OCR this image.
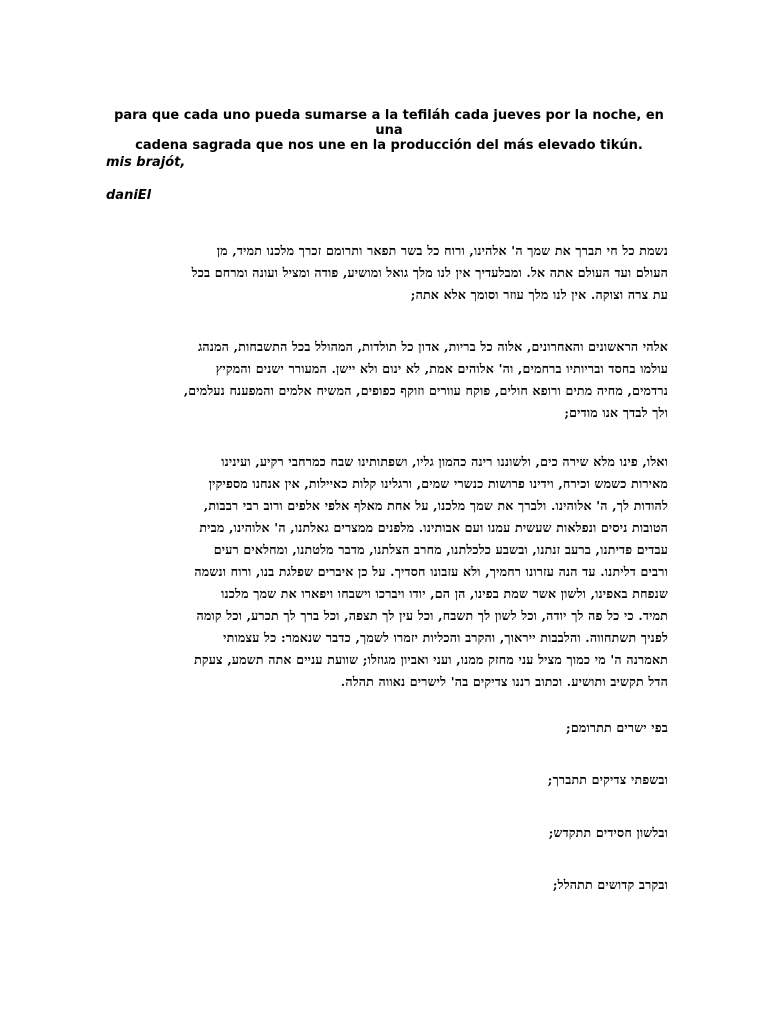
para que cada uno pueda sumarse a la tefiláh cada jueves por la noche, en una
cadena sagrada que nos une en la producción del más elevado tikún.
mis brajót,
daniEl
נשמת כל חי תברך את שמך ה' אלהינו, ורוח כל בשר תפאר ותרומם זכרך מלכנו תמיד, מן
העולם ועד העולם אתה אל. ומבלעדיך אין לנו מלך גואל ומושיע, פודה ומציל ועונה ומרחם בכל
עת צרה וצוקה. אין לנו מלך עוזר וסומך אלא אתה;
אלהי הראשונים והאחרונים, אלוה כל בריות, אדון כל תולדות, המהולל בכל התשבחות, המנהג
עולמו בחסד ובריותיו ברחמים, וה' אלוהים אמת, לא ינום ולא יישן. המעורר ישנים והמקיץ
נרדמים, מחיה מתים ורופא חולים, פוקח עוורים וזוקף כפופים, המשיח אלמים והמפענח נעלמים,
ולך לבדך אנו מודים;
ואלו, פינו מלא שירה כים, ולשוננו רינה כהמון גליו, ושפתותינו שבח כמרחבי רקיע, ועינינו
מאירות כשמש וכירח, וידינו פרושות כנשרי שמים, ורגלינו קלות כאיילות, אין אנחנו מספיקין
להודות לך, ה' אלוהינו. ולברך את שמך מלכנו, על אחת מאלף אלפי אלפים ורוב רבי רבבות,
הטובות ניסים ונפלאות שעשית עמנו ועם אבותינו. מלפנים ממצרים גאלתנו, ה' אלוהינו, מבית
עבדים פדיתנו, ברעב זנתנו, ובשבע כלכלתנו, מחרב הצלתנו, מדבר מלטתנו, ומחלאים רעים
ורבים דליתנו. עד הנה עזרונו רחמיך, ולא עזבונו חסדיך. על כן איברים שפלגת בנו, ורוח ונשמה
שנפחת באפינו, ולשון אשר שמת בפינו, הן הם, יודו ויברכו וישבחו ויפארו את שמך מלכנו
תמיד. כי כל פה לך יודה, וכל לשון לך תשבח, וכל עין לך תצפה, וכל ברך לך תכרע, וכל קומה
לפניך תשתחווה. והלבבות ייראוך, והקרב והכליות יזמרו לשמך, כדבר שנאמר: כל עצמותי
תאמרנה ה' מי כמוך מציל עני מחזק ממנו, ועני ואביון מגוזלו; שוועת עניים אתה תשמע, צעקת
הדל תקשיב ותושיע. וכתוב רננו צדיקים בה' לישרים נאווה תהלה.
בפי ישרים תתרומם;
ובשפתי צדיקים תתברך;
ובלשון חסידים תתקדש;
ובקרב קדושים תתהלל;
